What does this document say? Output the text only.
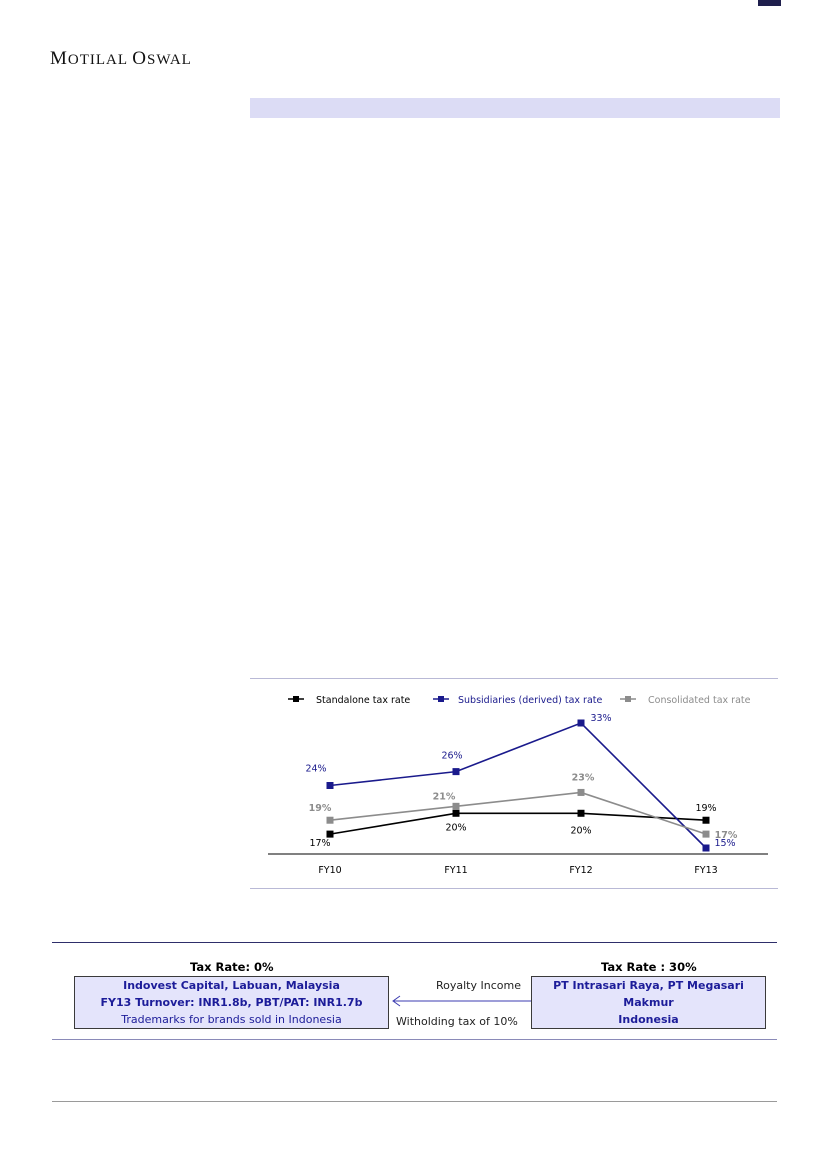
MOTILAL OSWAL
FY10	FY11	FY12	FY13
Standalone tax rate	Subsidiaries (derived) tax rate	Consolidated tax rate
17%
20%	20%
19%
24%
26%
33%
15%
19%
21%
23%
17%
Tax Rate: 0%	Tax Rate : 30%
Indovest Capital, Labuan, Malaysia
FY13 Turnover: INR1.8b, PBT/PAT: INR1.7b
Trademarks for brands sold in Indonesia
PT Intrasari Raya, PT Megasari Makmur
Indonesia
Royalty Income
Witholding tax of 10%
